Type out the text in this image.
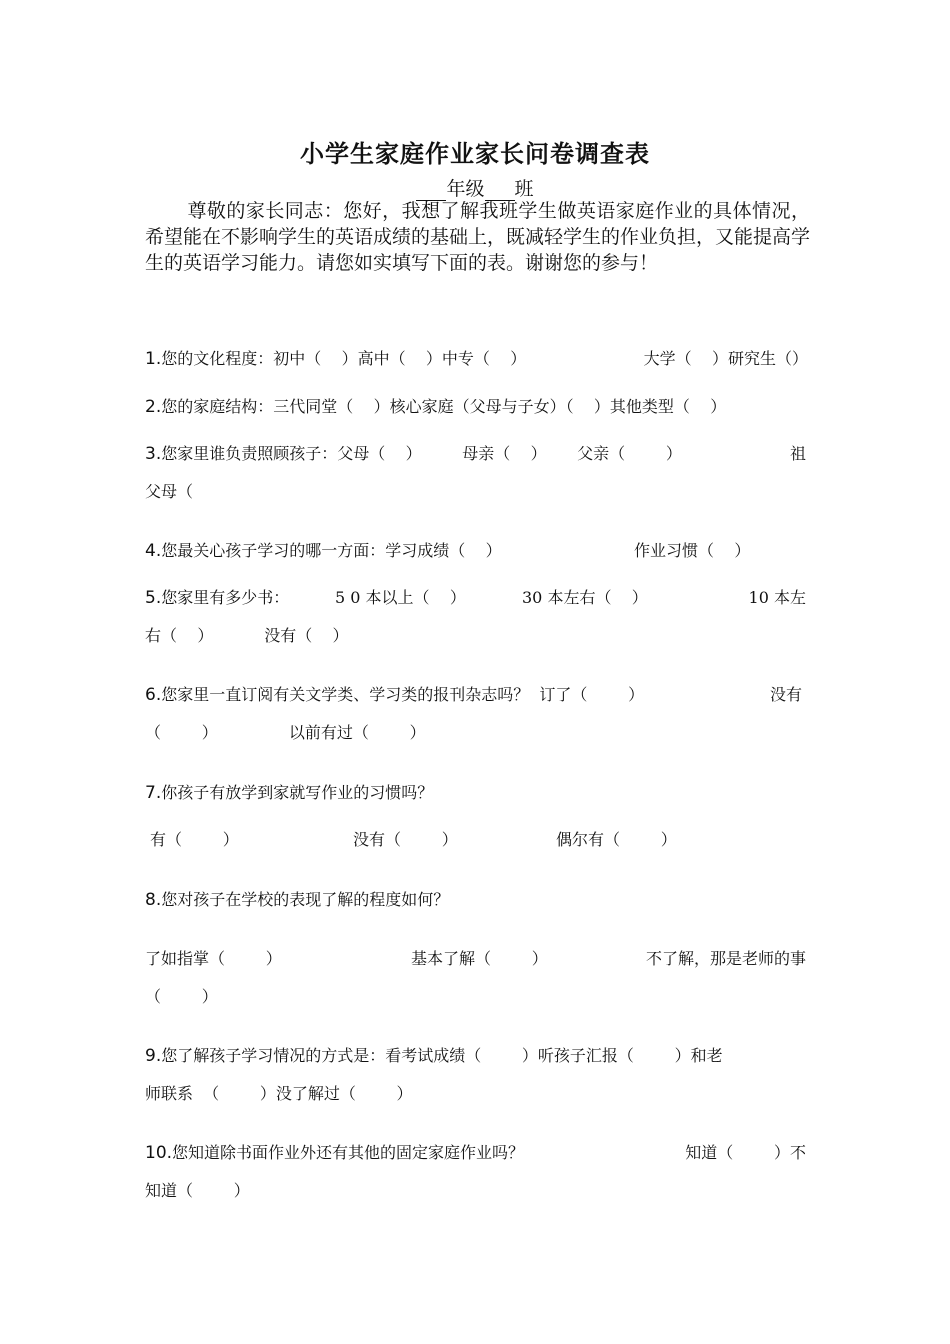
小学生家庭作业家长问卷调查表
年级 班
尊敬的家长同志：您好，我想了解我班学生做英语家庭作业的具体情况，希望能在不影响学生的英语成绩的基础上，既减轻学生的作业负担，又能提高学生的英语学习能力。请您如实填写下面的表。谢谢您的参与！
1.您的文化程度：初中（    ）高中（    ）中专（    ）	大学（    ）研究生（）
2.您的家庭结构：三代同堂（    ）核心家庭（父母与子女）（    ）其他类型（    ）
3.您家里谁负责照顾孩子：父母（    ）        母亲（    ）      父亲（        ）	祖
父母（
4.您最关心孩子学习的哪一方面：学习成绩（    ）	作业习惯（    ）
5.您家里有多少书：	5 0 本以上（    ）	30 本左右（    ）	10 本左
右（    ）          没有（    ）
6.您家里一直订阅有关文学类、学习类的报刊杂志吗？  订了（        ）	没有
（        ）              以前有过（        ）
7.你孩子有放学到家就写作业的习惯吗？
有（        ）	没有（        ）	偶尔有（        ）
8.您对孩子在学校的表现了解的程度如何？
了如指掌（        ）	基本了解（        ）	不了解，那是老师的事
（        ）
9.您了解孩子学习情况的方式是：看考试成绩（        ）听孩子汇报（        ）和老
师联系  （        ）没了解过（        ）
10.您知道除书面作业外还有其他的固定家庭作业吗？	知道（        ）不
知道（        ）
